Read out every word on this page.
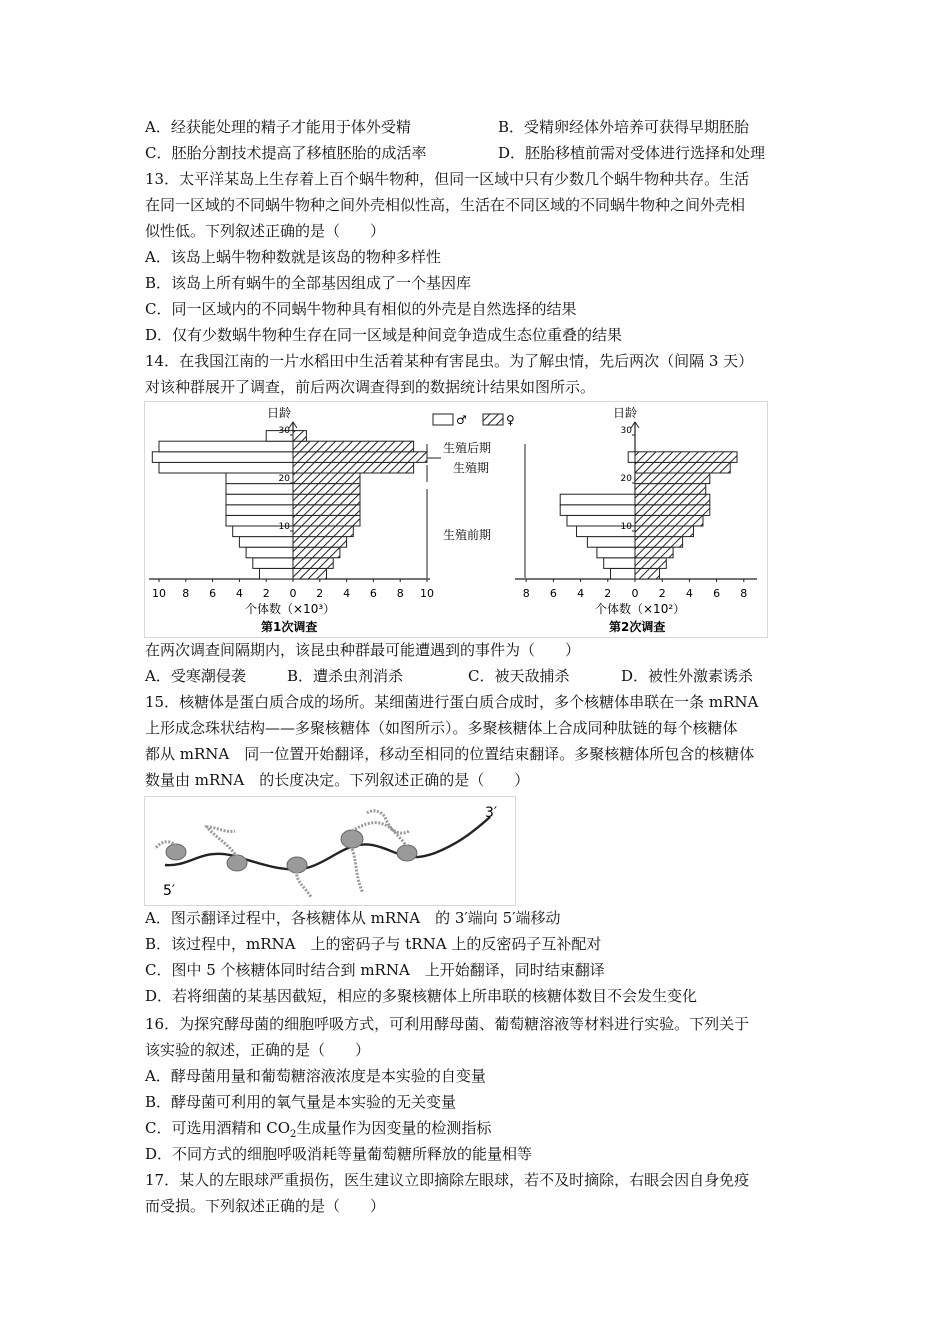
A．经获能处理的精子才能用于体外受精	B．受精卵经体外培养可获得早期胚胎
C．胚胎分割技术提高了移植胚胎的成活率	D．胚胎移植前需对受体进行选择和处理
13．太平洋某岛上生存着上百个蜗牛物种，但同一区域中只有少数几个蜗牛物种共存。生活
在同一区域的不同蜗牛物种之间外壳相似性高，生活在不同区域的不同蜗牛物种之间外壳相
似性低。下列叙述正确的是（　　）
A．该岛上蜗牛物种数就是该岛的物种多样性
B．该岛上所有蜗牛的全部基因组成了一个基因库
C．同一区域内的不同蜗牛物种具有相似的外壳是自然选择的结果
D．仅有少数蜗牛物种生存在同一区域是种间竞争造成生态位重叠的结果
14．在我国江南的一片水稻田中生活着某种有害昆虫。为了解虫情，先后两次（间隔 3 天）
对该种群展开了调查，前后两次调查得到的数据统计结果如图所示。
10 8 6 4 2 0 2 4 6 8 10
10
20
30
8 6 4 2 0 2 4 6 8
10
20
30
日龄	日龄
个体数（×10³）	个体数（×10²）
第1次调查	第2次调查
♂	♀
生殖后期
生殖期
生殖前期
在两次调查间隔期内，该昆虫种群最可能遭遇到的事件为（　　）
A．受寒潮侵袭	B．遭杀虫剂消杀	C．被天敌捕杀	D．被性外激素诱杀
15．核糖体是蛋白质合成的场所。某细菌进行蛋白质合成时，多个核糖体串联在一条 mRNA
上形成念珠状结构——多聚核糖体（如图所示）。多聚核糖体上合成同种肽链的每个核糖体
都从 mRNA　同一位置开始翻译，移动至相同的位置结束翻译。多聚核糖体所包含的核糖体
数量由 mRNA　的长度决定。下列叙述正确的是（　　）
5′
3′
A．图示翻译过程中，各核糖体从 mRNA　的 3′端向 5′端移动
B．该过程中，mRNA　上的密码子与 tRNA 上的反密码子互补配对
C．图中 5 个核糖体同时结合到 mRNA　上开始翻译，同时结束翻译
D．若将细菌的某基因截短，相应的多聚核糖体上所串联的核糖体数目不会发生变化
16．为探究酵母菌的细胞呼吸方式，可利用酵母菌、葡萄糖溶液等材料进行实验。下列关于
该实验的叙述，正确的是（　　）
A．酵母菌用量和葡萄糖溶液浓度是本实验的自变量
B．酵母菌可利用的氧气量是本实验的无关变量
C．可选用酒精和 $CO_2$生成量作为因变量的检测指标
D．不同方式的细胞呼吸消耗等量葡萄糖所释放的能量相等
17．某人的左眼球严重损伤，医生建议立即摘除左眼球，若不及时摘除，右眼会因自身免疫
而受损。下列叙述正确的是（　　）
